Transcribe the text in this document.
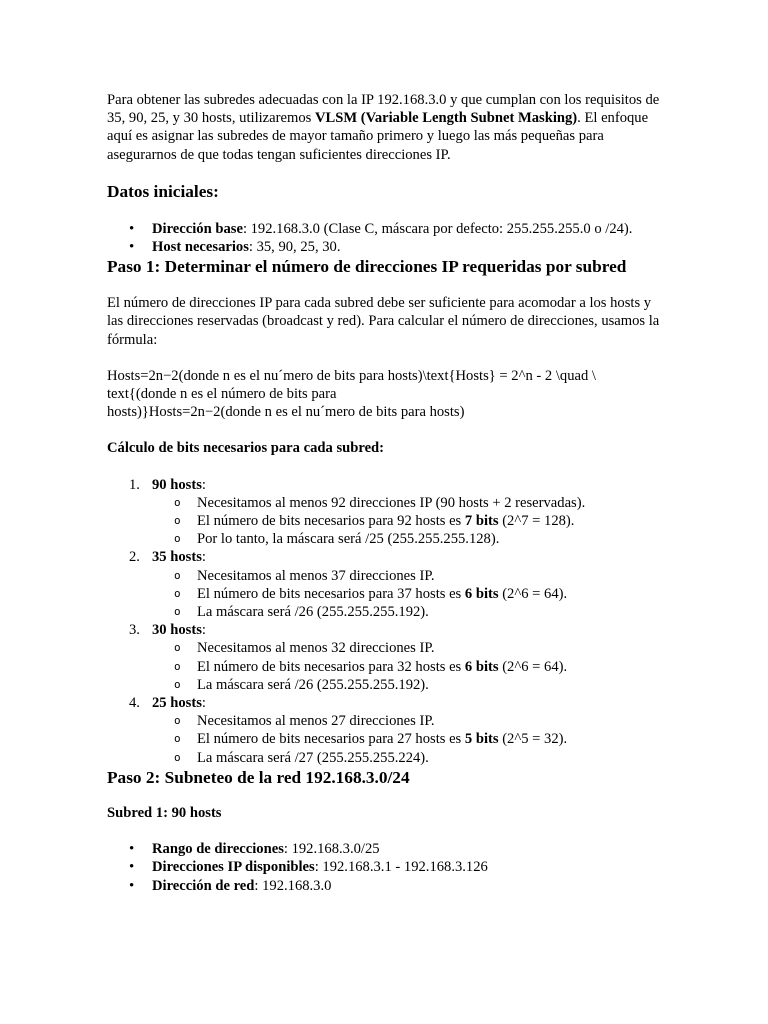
Para obtener las subredes adecuadas con la IP 192.168.3.0 y que cumplan con los requisitos de 35, 90, 25, y 30 hosts, utilizaremos VLSM (Variable Length Subnet Masking). El enfoque aquí es asignar las subredes de mayor tamaño primero y luego las más pequeñas para asegurarnos de que todas tengan suficientes direcciones IP.

Datos iniciales:
• Dirección base: 192.168.3.0 (Clase C, máscara por defecto: 255.255.255.0 o /24).
• Host necesarios: 35, 90, 25, 30.
Paso 1: Determinar el número de direcciones IP requeridas por subred

El número de direcciones IP para cada subred debe ser suficiente para acomodar a los hosts y las direcciones reservadas (broadcast y red). Para calcular el número de direcciones, usamos la fórmula:

Hosts=2n−2(donde n es el nu´mero de bits para hosts)\text{Hosts} = 2^n - 2 \quad \
text{(donde n es el número de bits para
hosts)}Hosts=2n−2(donde n es el nu´mero de bits para hosts)

Cálculo de bits necesarios para cada subred:
1. 90 hosts:
o Necesitamos al menos 92 direcciones IP (90 hosts + 2 reservadas).
o El número de bits necesarios para 92 hosts es 7 bits (2^7 = 128).
o Por lo tanto, la máscara será /25 (255.255.255.128).
2. 35 hosts:
o Necesitamos al menos 37 direcciones IP.
o El número de bits necesarios para 37 hosts es 6 bits (2^6 = 64).
o La máscara será /26 (255.255.255.192).
3. 30 hosts:
o Necesitamos al menos 32 direcciones IP.
o El número de bits necesarios para 32 hosts es 6 bits (2^6 = 64).
o La máscara será /26 (255.255.255.192).
4. 25 hosts:
o Necesitamos al menos 27 direcciones IP.
o El número de bits necesarios para 27 hosts es 5 bits (2^5 = 32).
o La máscara será /27 (255.255.255.224).
Paso 2: Subneteo de la red 192.168.3.0/24
Subred 1: 90 hosts
• Rango de direcciones: 192.168.3.0/25
• Direcciones IP disponibles: 192.168.3.1 - 192.168.3.126
• Dirección de red: 192.168.3.0
